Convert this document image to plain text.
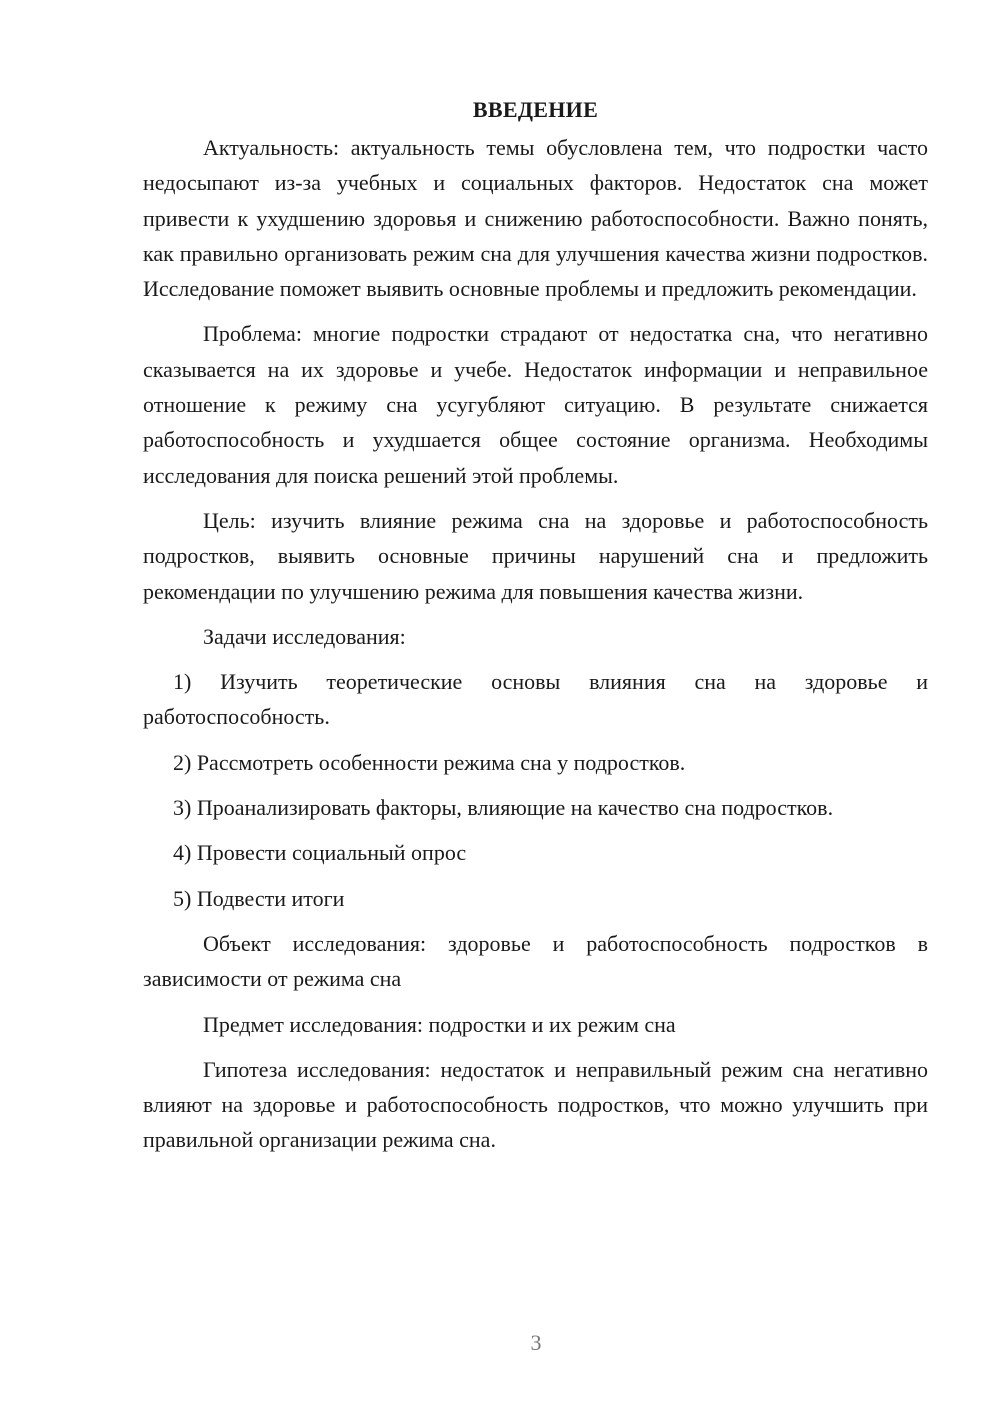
ВВЕДЕНИЕ

Актуальность: актуальность темы обусловлена тем, что подростки часто недосыпают из-за учебных и социальных факторов. Недостаток сна может привести к ухудшению здоровья и снижению работоспособности. Важно понять, как правильно организовать режим сна для улучшения качества жизни подростков. Исследование поможет выявить основные проблемы и предложить рекомендации.

Проблема: многие подростки страдают от недостатка сна, что негативно сказывается на их здоровье и учебе. Недостаток информации и неправильное отношение к режиму сна усугубляют ситуацию. В результате снижается работоспособность и ухудшается общее состояние организма. Необходимы исследования для поиска решений этой проблемы.

Цель: изучить влияние режима сна на здоровье и работоспособность подростков, выявить основные причины нарушений сна и предложить рекомендации по улучшению режима для повышения качества жизни.

Задачи исследования:

1) Изучить теоретические основы влияния сна на здоровье и работоспособность.

2) Рассмотреть особенности режима сна у подростков.

3) Проанализировать факторы, влияющие на качество сна подростков.

4) Провести социальный опрос

5) Подвести итоги

Объект исследования: здоровье и работоспособность подростков в зависимости от режима сна

Предмет исследования: подростки и их режим сна

Гипотеза исследования: недостаток и неправильный режим сна негативно влияют на здоровье и работоспособность подростков, что можно улучшить при правильной организации режима сна.

3
